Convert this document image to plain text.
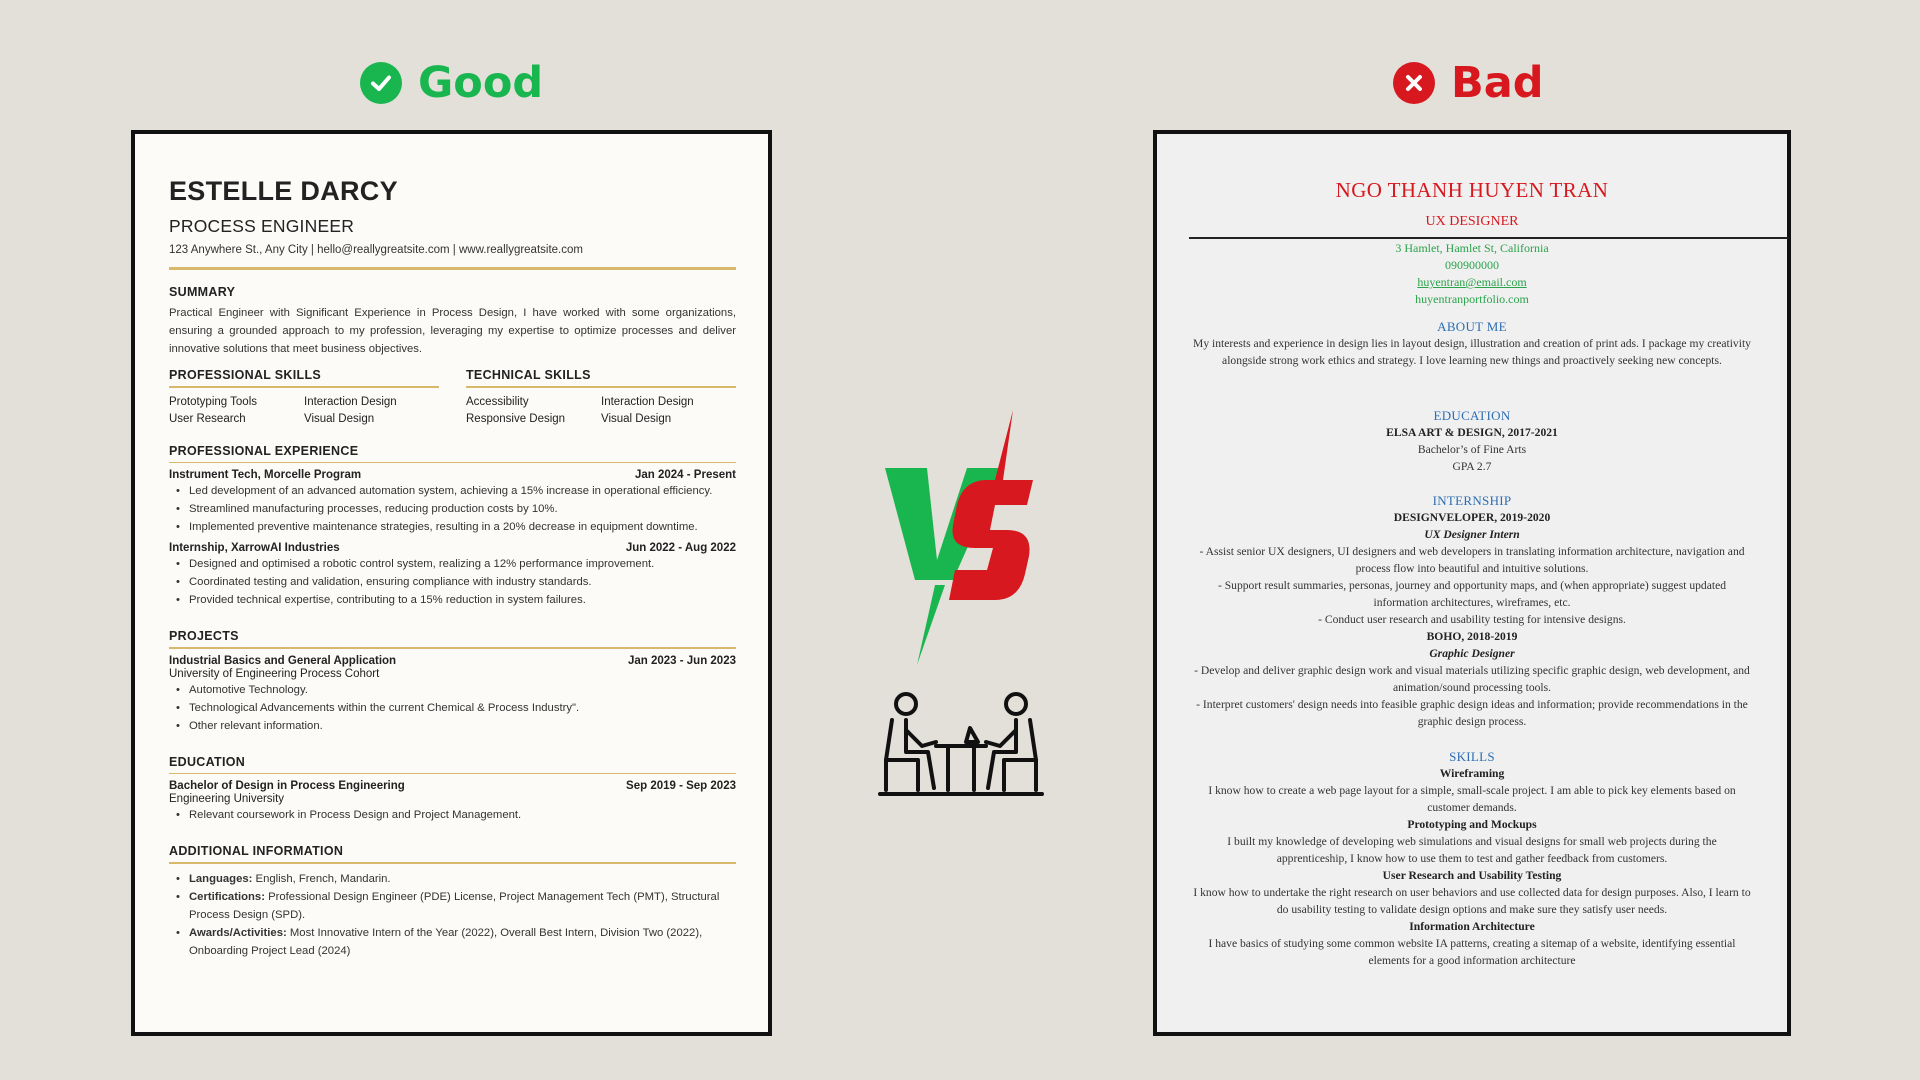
Good	Bad
ESTELLE DARCY
PROCESS ENGINEER
123 Anywhere St., Any City | hello@reallygreatsite.com | www.reallygreatsite.com
SUMMARY
Practical Engineer with Significant Experience in Process Design, I have worked with some organizations, ensuring a grounded approach to my profession, leveraging my expertise to optimize processes and deliver innovative solutions that meet business objectives.
PROFESSIONAL SKILLS
Prototyping Tools	Interaction Design
User Research	Visual Design
TECHNICAL SKILLS
Accessibility	Interaction Design
Responsive Design	Visual Design
PROFESSIONAL EXPERIENCE
Instrument Tech, Morcelle Program	Jan 2024 - Present
• Led development of an advanced automation system, achieving a 15% increase in operational efficiency.
• Streamlined manufacturing processes, reducing production costs by 10%.
• Implemented preventive maintenance strategies, resulting in a 20% decrease in equipment downtime.
Internship, XarrowAI Industries	Jun 2022 - Aug 2022
• Designed and optimised a robotic control system, realizing a 12% performance improvement.
• Coordinated testing and validation, ensuring compliance with industry standards.
• Provided technical expertise, contributing to a 15% reduction in system failures.
PROJECTS
Industrial Basics and General Application	Jan 2023 - Jun 2023
University of Engineering Process Cohort
• Automotive Technology.
• Technological Advancements within the current Chemical & Process Industry".
• Other relevant information.
EDUCATION
Bachelor of Design in Process Engineering	Sep 2019 - Sep 2023
Engineering University
• Relevant coursework in Process Design and Project Management.
ADDITIONAL INFORMATION
• Languages: English, French, Mandarin.
• Certifications: Professional Design Engineer (PDE) License, Project Management Tech (PMT), Structural Process Design (SPD).
• Awards/Activities: Most Innovative Intern of the Year (2022), Overall Best Intern, Division Two (2022), Onboarding Project Lead (2024)
NGO THANH HUYEN TRAN
UX DESIGNER
3 Hamlet, Hamlet St, California
090900000
huyentran@email.com
huyentranportfolio.com
ABOUT ME
My interests and experience in design lies in layout design, illustration and creation of print ads. I package my creativity alongside strong work ethics and strategy. I love learning new things and proactively seeking new concepts.
EDUCATION
ELSA ART & DESIGN, 2017-2021
Bachelor’s of Fine Arts
GPA 2.7
INTERNSHIP
DESIGNVELOPER, 2019-2020
UX Designer Intern
- Assist senior UX designers, UI designers and web developers in translating information architecture, navigation and process flow into beautiful and intuitive solutions.
- Support result summaries, personas, journey and opportunity maps, and (when appropriate) suggest updated information architectures, wireframes, etc.
- Conduct user research and usability testing for intensive designs.
BOHO, 2018-2019
Graphic Designer
- Develop and deliver graphic design work and visual materials utilizing specific graphic design, web development, and animation/sound processing tools.
- Interpret customers' design needs into feasible graphic design ideas and information; provide recommendations in the graphic design process.
SKILLS
Wireframing
I know how to create a web page layout for a simple, small-scale project. I am able to pick key elements based on customer demands.
Prototyping and Mockups
I built my knowledge of developing web simulations and visual designs for small web projects during the apprenticeship, I know how to use them to test and gather feedback from customers.
User Research and Usability Testing
I know how to undertake the right research on user behaviors and use collected data for design purposes. Also, I learn to do usability testing to validate design options and make sure they satisfy user needs.
Information Architecture
I have basics of studying some common website IA patterns, creating a sitemap of a website, identifying essential elements for a good information architecture
